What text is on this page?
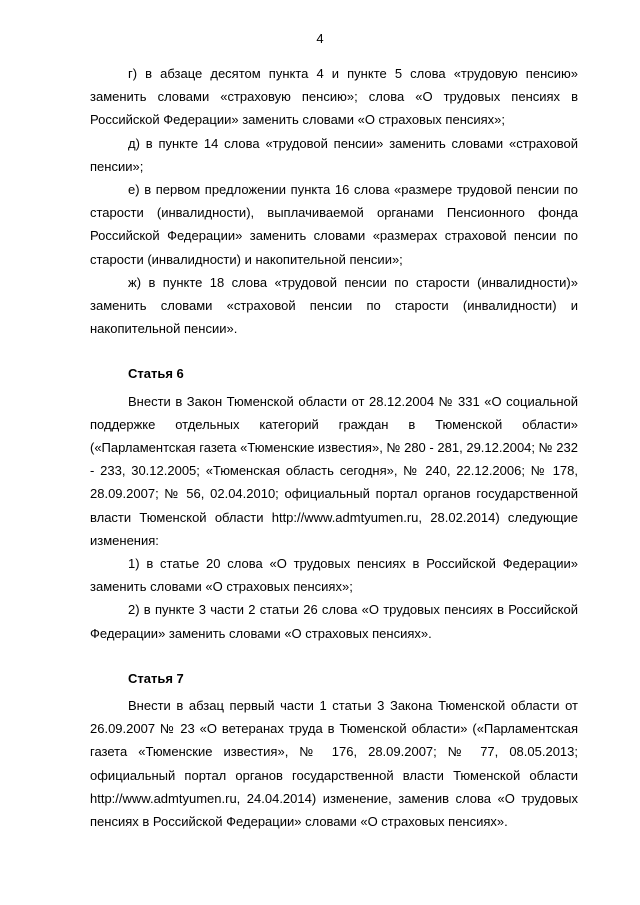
4

г) в абзаце десятом пункта 4 и пункте 5 слова «трудовую пенсию» заменить словами «страховую пенсию»; слова «О трудовых пенсиях в Российской Федерации» заменить словами «О страховых пенсиях»;

д) в пункте 14 слова «трудовой пенсии» заменить словами «страховой пенсии»;

е) в первом предложении пункта 16 слова «размере трудовой пенсии по старости (инвалидности), выплачиваемой органами Пенсионного фонда Российской Федерации» заменить словами «размерах страховой пенсии по старости (инвалидности) и накопительной пенсии»;

ж) в пункте 18 слова «трудовой пенсии по старости (инвалидности)» заменить словами «страховой пенсии по старости (инвалидности) и накопительной пенсии».

Статья 6

Внести в Закон Тюменской области от 28.12.2004 № 331 «О социальной поддержке отдельных категорий граждан в Тюменской области» («Парламентская газета «Тюменские известия», № 280 - 281, 29.12.2004; № 232 - 233, 30.12.2005; «Тюменская область сегодня», № 240, 22.12.2006; № 178, 28.09.2007; № 56, 02.04.2010; официальный портал органов государственной власти Тюменской области http://www.admtyumen.ru, 28.02.2014) следующие изменения:

1) в статье 20 слова «О трудовых пенсиях в Российской Федерации» заменить словами «О страховых пенсиях»;

2) в пункте 3 части 2 статьи 26 слова «О трудовых пенсиях в Российской Федерации» заменить словами «О страховых пенсиях».

Статья 7

Внести в абзац первый части 1 статьи 3 Закона Тюменской области от 26.09.2007 № 23 «О ветеранах труда в Тюменской области» («Парламентская газета «Тюменские известия», № 176, 28.09.2007; № 77, 08.05.2013; официальный портал органов государственной власти Тюменской области http://www.admtyumen.ru, 24.04.2014) изменение, заменив слова «О трудовых пенсиях в Российской Федерации» словами «О страховых пенсиях».
